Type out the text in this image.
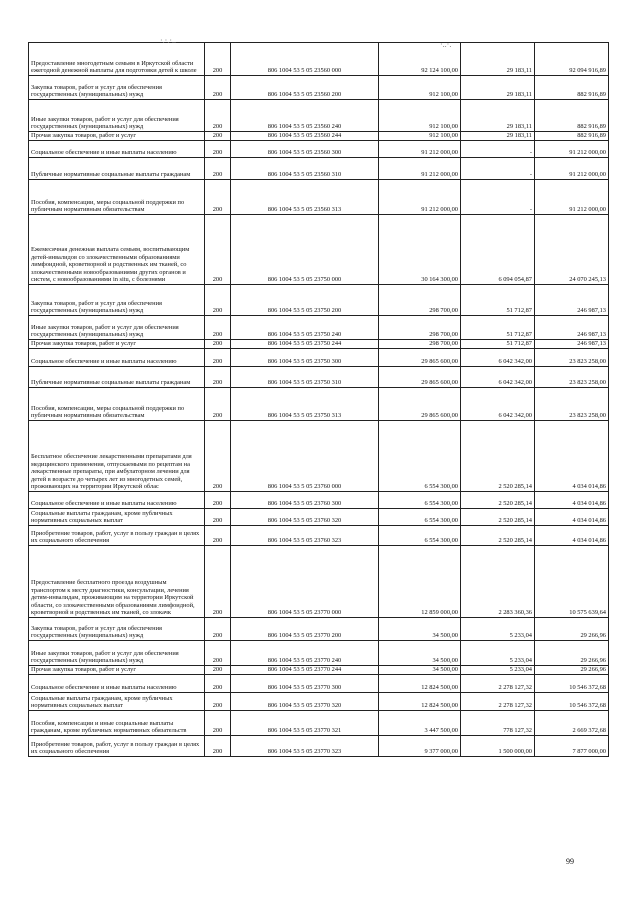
Предоставление многодетным семьям в Иркутской области ежегодной денежной выплаты для подготовки детей к школе	200	806 1004 53 5 05 23560 000	92 124 100,00	29 183,11	92 094 916,89
Закупка товаров, работ и услуг для обеспечения государственных (муниципальных) нужд	200	806 1004 53 5 05 23560 200	912 100,00	29 183,11	882 916,89
Иные закупки товаров, работ и услуг для обеспечения государственных (муниципальных) нужд	200	806 1004 53 5 05 23560 240	912 100,00	29 183,11	882 916,89
Прочая закупка товаров, работ и услуг	200	806 1004 53 5 05 23560 244	912 100,00	29 183,11	882 916,89
Социальное обеспечение и иные выплаты населению	200	806 1004 53 5 05 23560 300	91 212 000,00	-	91 212 000,00
Публичные нормативные социальные выплаты гражданам	200	806 1004 53 5 05 23560 310	91 212 000,00	-	91 212 000,00
Пособия, компенсации, меры социальной поддержки по публичным нормативным обязательствам	200	806 1004 53 5 05 23560 313	91 212 000,00	-	91 212 000,00
Ежемесячная денежная выплата семьям, воспитывающим детей-инвалидов со злокачественными образованиями лимфоидной, кроветворной и родственных им тканей, со злокачественными новообразованиями других органов и систем, с новообразованиями in situ, с болезнями	200	806 1004 53 5 05 23750 000	30 164 300,00	6 094 054,87	24 070 245,13
Закупка товаров, работ и услуг для обеспечения государственных (муниципальных) нужд	200	806 1004 53 5 05 23750 200	298 700,00	51 712,87	246 987,13
Иные закупки товаров, работ и услуг для обеспечения государственных (муниципальных) нужд	200	806 1004 53 5 05 23750 240	298 700,00	51 712,87	246 987,13
Прочая закупка товаров, работ и услуг	200	806 1004 53 5 05 23750 244	298 700,00	51 712,87	246 987,13
Социальное обеспечение и иные выплаты населению	200	806 1004 53 5 05 23750 300	29 865 600,00	6 042 342,00	23 823 258,00
Публичные нормативные социальные выплаты гражданам	200	806 1004 53 5 05 23750 310	29 865 600,00	6 042 342,00	23 823 258,00
Пособия, компенсации, меры социальной поддержки по публичным нормативным обязательствам	200	806 1004 53 5 05 23750 313	29 865 600,00	6 042 342,00	23 823 258,00
Бесплатное обеспечение лекарственными препаратами для медицинского применения, отпускаемыми по рецептам на лекарственные препараты, при амбулаторном лечении для детей в возрасте до четырех лет из многодетных семей, проживающих на территории Иркутской облас	200	806 1004 53 5 05 23760 000	6 554 300,00	2 520 285,14	4 034 014,86
Социальное обеспечение и иные выплаты населению	200	806 1004 53 5 05 23760 300	6 554 300,00	2 520 285,14	4 034 014,86
Социальные выплаты гражданам, кроме публичных нормативных социальных выплат	200	806 1004 53 5 05 23760 320	6 554 300,00	2 520 285,14	4 034 014,86
Приобретение товаров, работ, услуг в пользу граждан в целях их социального обеспечения	200	806 1004 53 5 05 23760 323	6 554 300,00	2 520 285,14	4 034 014,86
Предоставление бесплатного проезда воздушным транспортом к месту диагностики, консультации, лечения детям-инвалидам, проживающим на территории Иркутской области, со злокачественными образованиями лимфоидной, кроветворной и родственных им тканей, со злокачк	200	806 1004 53 5 05 23770 000	12 859 000,00	2 283 360,36	10 575 639,64
Закупка товаров, работ и услуг для обеспечения государственных (муниципальных) нужд	200	806 1004 53 5 05 23770 200	34 500,00	5 233,04	29 266,96
Иные закупки товаров, работ и услуг для обеспечения государственных (муниципальных) нужд	200	806 1004 53 5 05 23770 240	34 500,00	5 233,04	29 266,96
Прочая закупка товаров, работ и услуг	200	806 1004 53 5 05 23770 244	34 500,00	5 233,04	29 266,96
Социальное обеспечение и иные выплаты населению	200	806 1004 53 5 05 23770 300	12 824 500,00	2 278 127,32	10 546 372,68
Социальные выплаты гражданам, кроме публичных нормативных социальных выплат	200	806 1004 53 5 05 23770 320	12 824 500,00	2 278 127,32	10 546 372,68
Пособия, компенсации и иные социальные выплаты гражданам, кроме публичных нормативных обязательств	200	806 1004 53 5 05 23770 321	3 447 500,00	778 127,32	2 669 372,68
Приобретение товаров, работ, услуг в пользу граждан в целях их социального обеспечения	200	806 1004 53 5 05 23770 323	9 377 000,00	1 500 000,00	7 877 000,00
·.·.·..	·..·.
99
